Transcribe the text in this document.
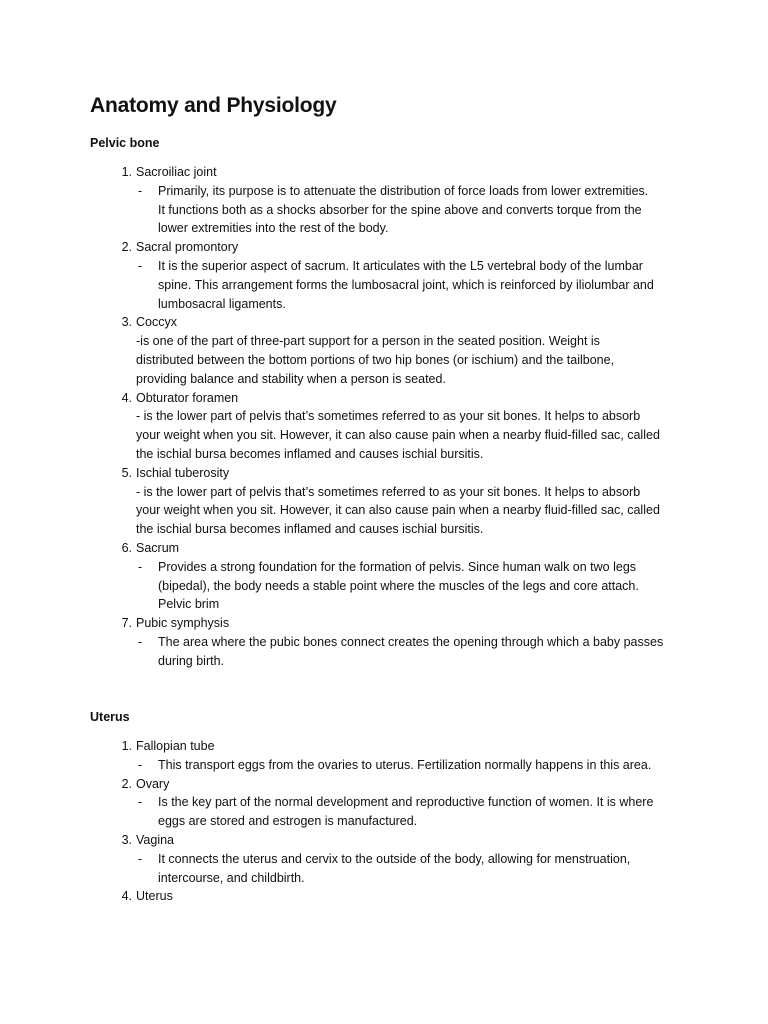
Anatomy and Physiology
Pelvic bone
1. Sacroiliac joint
- Primarily, its purpose is to attenuate the distribution of force loads from lower extremities.
It functions both as a shocks absorber for the spine above and converts torque from the
lower extremities into the rest of the body.
2. Sacral promontory
- It is the superior aspect of sacrum. It articulates with the L5 vertebral body of the lumbar
spine. This arrangement forms the lumbosacral joint, which is reinforced by iliolumbar and
lumbosacral ligaments.
3. Coccyx
-is one of the part of three-part support for a person in the seated position. Weight is
distributed between the bottom portions of two hip bones (or ischium) and the tailbone,
providing balance and stability when a person is seated.
4. Obturator foramen
- is the lower part of pelvis that’s sometimes referred to as your sit bones. It helps to absorb
your weight when you sit. However, it can also cause pain when a nearby fluid-filled sac, called
the ischial bursa becomes inflamed and causes ischial bursitis.
5. Ischial tuberosity
- is the lower part of pelvis that’s sometimes referred to as your sit bones. It helps to absorb
your weight when you sit. However, it can also cause pain when a nearby fluid-filled sac, called
the ischial bursa becomes inflamed and causes ischial bursitis.
6. Sacrum
- Provides a strong foundation for the formation of pelvis. Since human walk on two legs
(bipedal), the body needs a stable point where the muscles of the legs and core attach.
Pelvic brim
7. Pubic symphysis
- The area where the pubic bones connect creates the opening through which a baby passes
during birth.
Uterus
1. Fallopian tube
- This transport eggs from the ovaries to uterus. Fertilization normally happens in this area.
2. Ovary
- Is the key part of the normal development and reproductive function of women. It is where
eggs are stored and estrogen is manufactured.
3. Vagina
- It connects the uterus and cervix to the outside of the body, allowing for menstruation,
intercourse, and childbirth.
4. Uterus
